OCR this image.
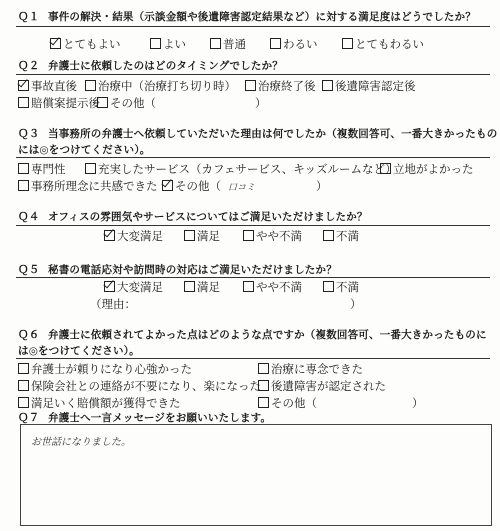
Ｑ１ 事件の解決・結果（示談金額や後遺障害認定結果など）に対する満足度はどうでしたか？
とてもよい	よい	普通	わるい	とてもわるい
Ｑ２ 弁護士に依頼したのはどのタイミングでしたか？
事故直後	治療中（治療打ち切り時）	治療終了後	後遺障害認定後
賠償案提示後 その他（	）
Ｑ３ 当事務所の弁護士へ依頼していただいた理由は何でしたか（複数回答可、一番大きかったもの
には◎をつけてください）。
専門性	充実したサービス（カフェサービス、キッズルームなど）
立地がよかった
事務所理念に共感できた	その他（ 口コミ	）
Ｑ４ オフィスの雰囲気やサービスについてはご満足いただけましたか？
大変満足	満足	やや不満	不満
Ｑ５ 秘書の電話応対や訪問時の対応はご満足いただけましたか？
大変満足	満足	やや不満	不満
（理由：	）
Ｑ６ 弁護士に依頼されてよかった点はどのような点ですか（複数回答可、一番大きかったものに
は◎をつけてください）。
弁護士が頼りになり心強かった	治療に専念できた
保険会社との連絡が不要になり、楽になった 後遺障害が認定された
満足いく賠償額が獲得できた	その他（	）
Ｑ７ 弁護士へ一言メッセージをお願いいたします。
お世話になりました。
